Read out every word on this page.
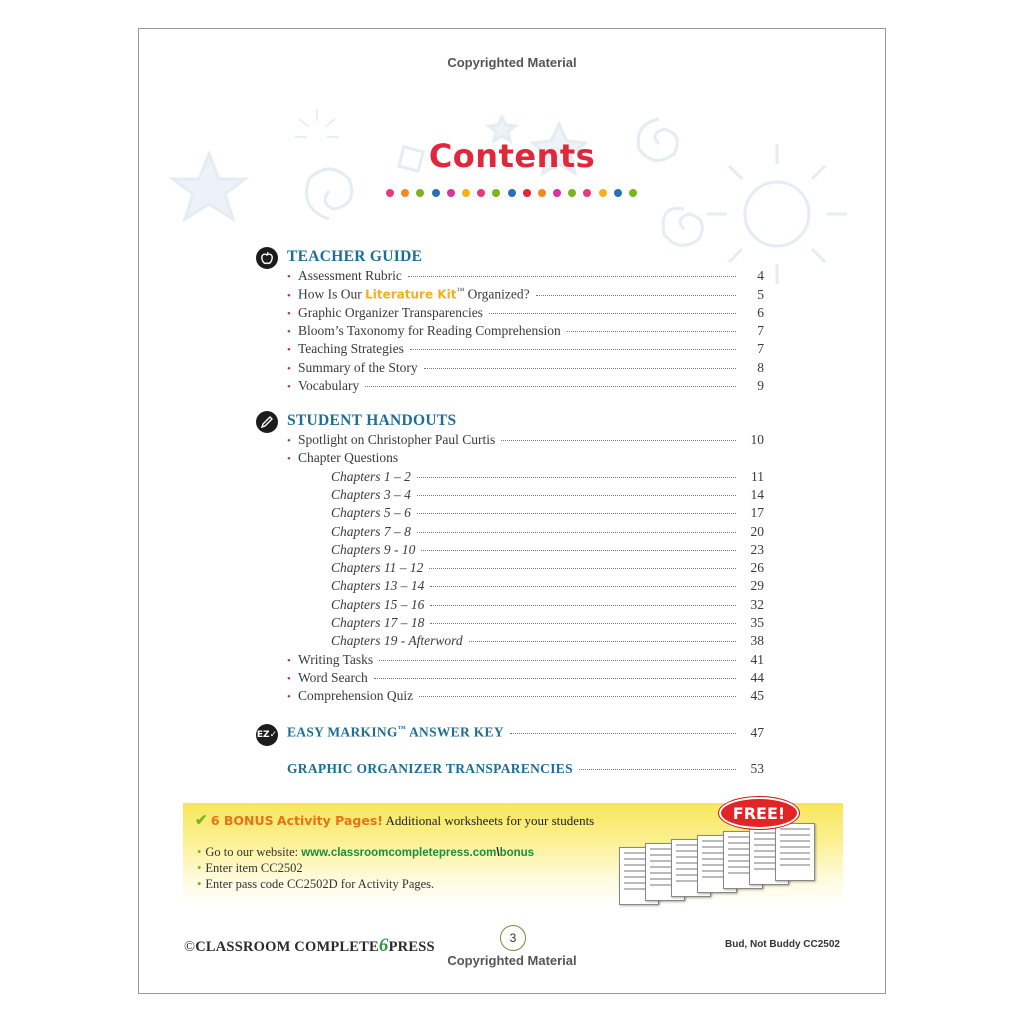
Copyrighted Material
Contents
TEACHER GUIDE
• Assessment Rubric	4
• How Is Our Literature Kit™ Organized?	5
• Graphic Organizer Transparencies	6
• Bloom’s Taxonomy for Reading Comprehension	7
• Teaching Strategies	7
• Summary of the Story	8
• Vocabulary	9
STUDENT HANDOUTS
• Spotlight on Christopher Paul Curtis	10
• Chapter Questions
Chapters 1 – 2	11
Chapters 3 – 4	14
Chapters 5 – 6	17
Chapters 7 – 8	20
Chapters 9 - 10	23
Chapters 11 – 12	26
Chapters 13 – 14	29
Chapters 15 – 16	32
Chapters 17 – 18	35
Chapters 19 - Afterword	38
• Writing Tasks	41
• Word Search	44
• Comprehension Quiz	45
EZ✓ EASY MARKING™ ANSWER KEY	47
GRAPHIC ORGANIZER TRANSPARENCIES	53
✔ 6 BONUS Activity Pages! Additional worksheets for your students
• Go to our website: www.classroomcompletepress.com\bonus
• Enter item CC2502
• Enter pass code CC2502D for Activity Pages.
FREE!
©CLASSROOM COMPLETE6PRESS
3	Bud, Not Buddy CC2502
Copyrighted Material
